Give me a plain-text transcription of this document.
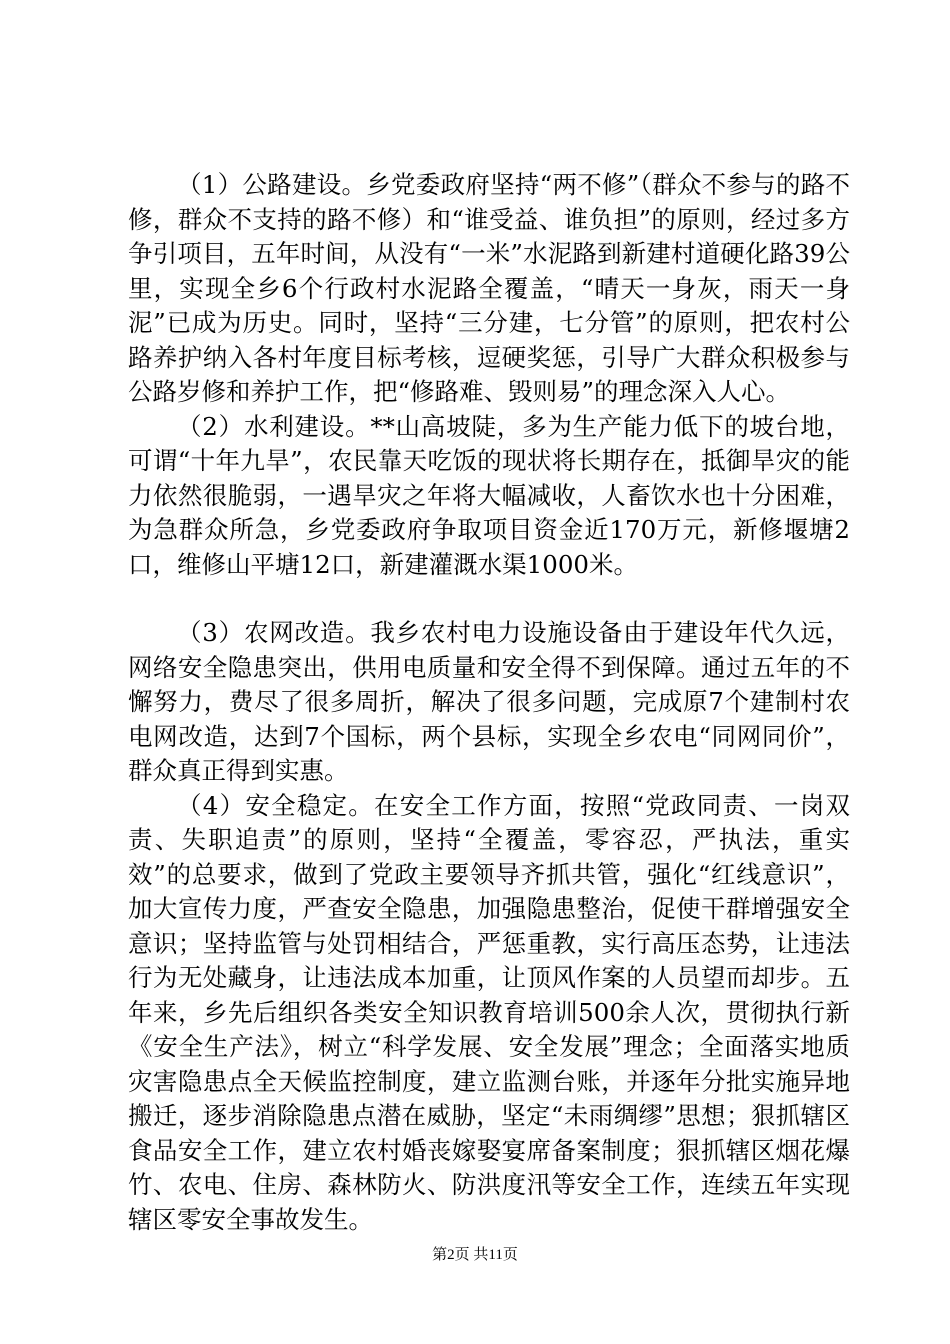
（1）公路建设。乡党委政府坚持“两不修”（群众不参与的路不修，群众不支持的路不修）和“谁受益、谁负担”的原则，经过多方争引项目，五年时间，从没有“一米”水泥路到新建村道硬化路39公里，实现全乡6个行政村水泥路全覆盖，“晴天一身灰，雨天一身泥”已成为历史。同时，坚持“三分建，七分管”的原则，把农村公路养护纳入各村年度目标考核，逗硬奖惩，引导广大群众积极参与公路岁修和养护工作，把“修路难、毁则易”的理念深入人心。

（2）水利建设。**山高坡陡，多为生产能力低下的坡台地，可谓“十年九旱”，农民靠天吃饭的现状将长期存在，抵御旱灾的能力依然很脆弱，一遇旱灾之年将大幅减收，人畜饮水也十分困难，为急群众所急，乡党委政府争取项目资金近170万元，新修堰塘2口，维修山平塘12口，新建灌溉水渠1000米。

（3）农网改造。我乡农村电力设施设备由于建设年代久远，网络安全隐患突出，供用电质量和安全得不到保障。通过五年的不懈努力，费尽了很多周折，解决了很多问题，完成原7个建制村农电网改造，达到7个国标，两个县标，实现全乡农电“同网同价”，群众真正得到实惠。

（4）安全稳定。在安全工作方面，按照“党政同责、一岗双责、失职追责”的原则，坚持“全覆盖，零容忍，严执法，重实效”的总要求，做到了党政主要领导齐抓共管，强化“红线意识”，加大宣传力度，严查安全隐患，加强隐患整治，促使干群增强安全意识；坚持监管与处罚相结合，严惩重教，实行高压态势，让违法行为无处藏身，让违法成本加重，让顶风作案的人员望而却步。五年来，乡先后组织各类安全知识教育培训500余人次，贯彻执行新《安全生产法》，树立“科学发展、安全发展”理念；全面落实地质灾害隐患点全天候监控制度，建立监测台账，并逐年分批实施异地搬迁，逐步消除隐患点潜在威胁，坚定“未雨绸缪”思想；狠抓辖区食品安全工作，建立农村婚丧嫁娶宴席备案制度；狠抓辖区烟花爆竹、农电、住房、森林防火、防洪度汛等安全工作，连续五年实现辖区零安全事故发生。

第2页 共11页
